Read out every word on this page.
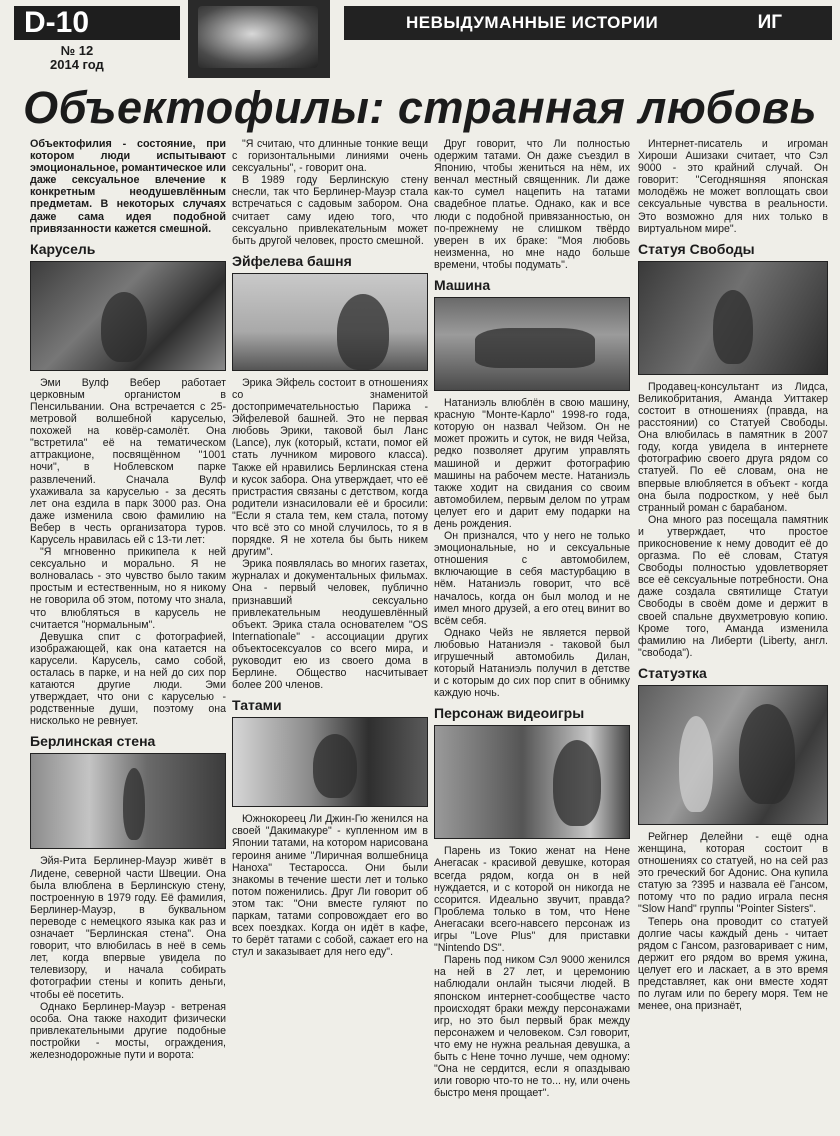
D-10
№ 12
2014 год
НЕВЫДУМАННЫЕ ИСТОРИИ	ИГ
Объектофилы: странная любовь

Объектофилия - состояние, при котором люди испытывают эмоциональное, романтическое или даже сексуальное влечение к конкретным неодушевлённым предметам. В некоторых случаях даже сама идея подобной привязанности кажется смешной.

Карусель

Эми Вулф Вебер работает церковным органистом в Пенсильвании. Она встречается с 25-метровой волшебной каруселью, похожей на ковёр-самолёт. Она "встретила" её на тематическом аттракционе, посвящённом "1001 ночи", в Ноблевском парке развлечений. Сначала Вулф ухаживала за каруселью - за десять лет она ездила в парк 3000 раз. Она даже изменила свою фамилию на Вебер в честь организатора туров. Карусель нравилась ей с 13-ти лет:

"Я мгновенно прикипела к ней сексуально и морально. Я не волновалась - это чувство было таким простым и естественным, но я никому не говорила об этом, потому что знала, что влюбляться в карусель не считается "нормальным".

Девушка спит с фотографией, изображающей, как она катается на карусели. Карусель, само собой, осталась в парке, и на ней до сих пор катаются другие люди. Эми утверждает, что они с каруселью - родственные души, поэтому она нисколько не ревнует.

Берлинская стена

Эйя-Рита Берлинер-Мауэр живёт в Лидене, северной части Швеции. Она была влюблена в Берлинскую стену, построенную в 1979 году. Её фамилия, Берлинер-Мауэр, в буквальном переводе с немецкого языка как раз и означает "Берлинская стена". Она говорит, что влюбилась в неё в семь лет, когда впервые увидела по телевизору, и начала собирать фотографии стены и копить деньги, чтобы её посетить.

Однако Берлинер-Мауэр - ветреная особа. Она также находит физически привлекательными другие подобные постройки - мосты, ограждения, железнодорожные пути и ворота:

"Я считаю, что длинные тонкие вещи с горизонтальными линиями очень сексуальны", - говорит она.

В 1989 году Берлинскую стену снесли, так что Берлинер-Мауэр стала встречаться с садовым забором. Она считает саму идею того, что сексуально привлекательным может быть другой человек, просто смешной.

Эйфелева башня

Эрика Эйфель состоит в отношениях со знаменитой достопримечательностью Парижа - Эйфелевой башней. Это не первая любовь Эрики, таковой был Ланс (Lance), лук (который, кстати, помог ей стать лучником мирового класса). Также ей нравились Берлинская стена и кусок забора. Она утверждает, что её пристрастия связаны с детством, когда родители изнасиловали её и бросили: "Если я стала тем, кем стала, потому что всё это со мной случилось, то я в порядке. Я не хотела бы быть никем другим".

Эрика появлялась во многих газетах, журналах и документальных фильмах. Она - первый человек, публично признавший сексуально привлекательным неодушевлённый объект. Эрика стала основателем "OS Internationale" - ассоциации других объектосексуалов со всего мира, и руководит ею из своего дома в Берлине. Общество насчитывает более 200 членов.

Татами

Южнокореец Ли Джин-Гю женился на своей "Дакимакуре" - купленном им в Японии татами, на котором нарисована героиня аниме "Лиричная волшебница Наноха" Тестаросса. Они были знакомы в течение шести лет и только потом поженились. Друг Ли говорит об этом так: "Они вместе гуляют по паркам, татами сопровождает его во всех поездках. Когда он идёт в кафе, то берёт татами с собой, сажает его на стул и заказывает для него еду".

Друг говорит, что Ли полностью одержим татами. Он даже съездил в Японию, чтобы жениться на нём, их венчал местный священник. Ли даже как-то сумел нацепить на татами свадебное платье. Однако, как и все люди с подобной привязанностью, он по-прежнему не слишком твёрдо уверен в их браке: "Моя любовь неизменна, но мне надо больше времени, чтобы подумать".

Машина

Натаниэль влюблён в свою машину, красную "Монте-Карло" 1998-го года, которую он назвал Чейзом. Он не может прожить и суток, не видя Чейза, редко позволяет другим управлять машиной и держит фотографию машины на рабочем месте. Натаниэль также ходит на свидания со своим автомобилем, первым делом по утрам целует его и дарит ему подарки на день рождения.

Он признался, что у него не только эмоциональные, но и сексуальные отношения с автомобилем, включающие в себя мастурбацию в нём. Натаниэль говорит, что всё началось, когда он был молод и не имел много друзей, а его отец винит во всём себя.

Однако Чейз не является первой любовью Натаниэля - таковой был игрушечный автомобиль Дилан, который Натаниэль получил в детстве и с которым до сих пор спит в обнимку каждую ночь.

Персонаж видеоигры

Парень из Токио женат на Нене Анегасак - красивой девушке, которая всегда рядом, когда он в ней нуждается, и с которой он никогда не ссорится. Идеально звучит, правда? Проблема только в том, что Нене Анегасаки всего-навсего персонаж из игры "Love Plus" для приставки "Nintendo DS".

Парень под ником Сэл 9000 женился на ней в 27 лет, и церемонию наблюдали онлайн тысячи людей. В японском интернет-сообществе часто происходят браки между персонажами игр, но это был первый брак между персонажем и человеком. Сэл говорит, что ему не нужна реальная девушка, а быть с Нене точно лучше, чем одному: "Она не сердится, если я опаздываю или говорю что-то не то... ну, или очень быстро меня прощает".

Интернет-писатель и игроман Хироши Ашизаки считает, что Сэл 9000 - это крайний случай. Он говорит: "Сегодняшняя японская молодёжь не может воплощать свои сексуальные чувства в реальности. Это возможно для них только в виртуальном мире".

Статуя Свободы

Продавец-консультант из Лидса, Великобритания, Аманда Уиттакер состоит в отношениях (правда, на расстоянии) со Статуей Свободы. Она влюбилась в памятник в 2007 году, когда увидела в интернете фотографию своего друга рядом со статуей. По её словам, она не впервые влюбляется в объект - когда она была подростком, у неё был странный роман с барабаном.

Она много раз посещала памятник и утверждает, что простое прикосновение к нему доводит её до оргазма. По её словам, Статуя Свободы полностью удовлетворяет все её сексуальные потребности. Она даже создала святилище Статуи Свободы в своём доме и держит в своей спальне двухметровую копию. Кроме того, Аманда изменила фамилию на Либерти (Liberty, англ. "свобода").

Статуэтка

Рейгнер Делейни - ещё одна женщина, которая состоит в отношениях со статуей, но на сей раз это греческий бог Адонис. Она купила статую за ?395 и назвала её Гансом, потому что по радио играла песня "Slow Hand" группы "Pointer Sisters".

Теперь она проводит со статуей долгие часы каждый день - читает рядом с Гансом, разговаривает с ним, держит его рядом во время ужина, целует его и ласкает, а в это время представляет, как они вместе ходят по лугам или по берегу моря. Тем не менее, она признаёт,
